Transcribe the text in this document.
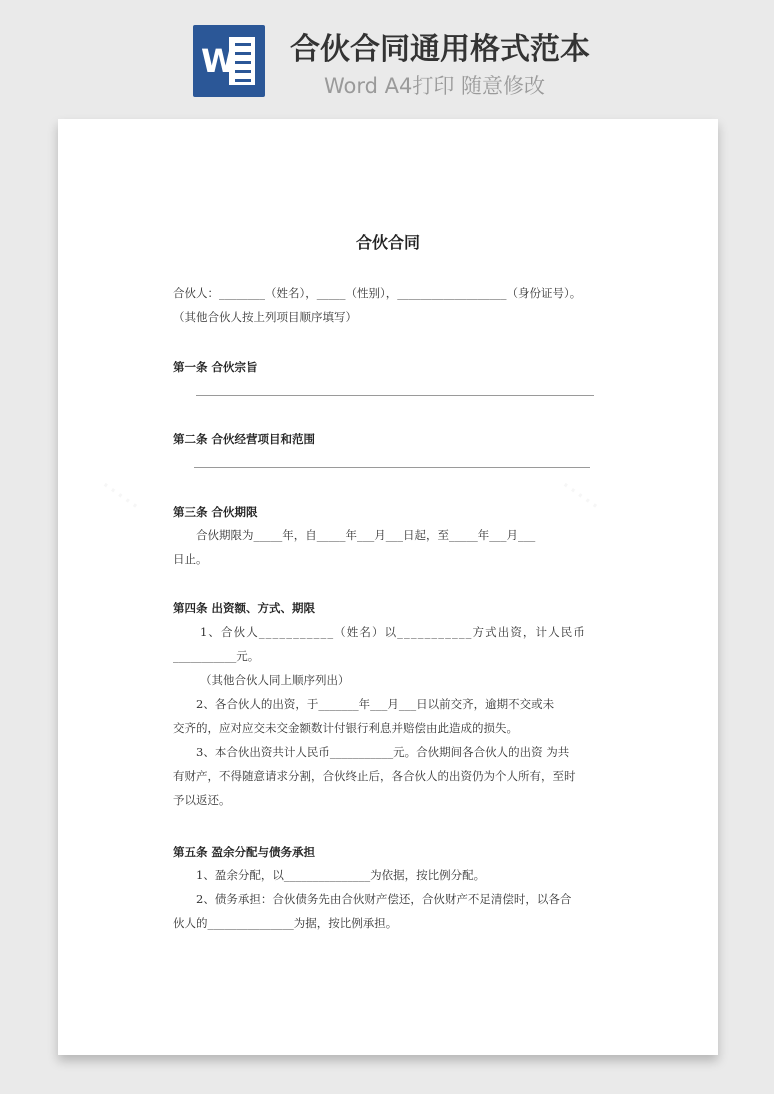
W 合伙合同通用格式范本
Word A4打印 随意修改
合伙合同
合伙人：________（姓名），_____（性别），___________________（身份证号）。
（其他合伙人按上列项目顺序填写）
第一条 合伙宗旨
第二条 合伙经营项目和范围
第三条 合伙期限
合伙期限为_____年，自_____年___月___日起，至_____年___月___
日止。
第四条 出资额、方式、期限
1、合伙人___________（姓名）以___________方式出资，计人民币
___________元。
（其他合伙人同上顺序列出）
2、各合伙人的出资，于_______年___月___日以前交齐，逾期不交或未
交齐的，应对应交未交金额数计付银行利息并赔偿由此造成的损失。
3、本合伙出资共计人民币___________元。合伙期间各合伙人的出资 为共
有财产，不得随意请求分割，合伙终止后，各合伙人的出资仍为个人所有，至时
予以返还。
第五条 盈余分配与债务承担
1、盈余分配，以_______________为依据，按比例分配。
2、债务承担：合伙债务先由合伙财产偿还，合伙财产不足清偿时，以各合
伙人的_______________为据，按比例承担。
